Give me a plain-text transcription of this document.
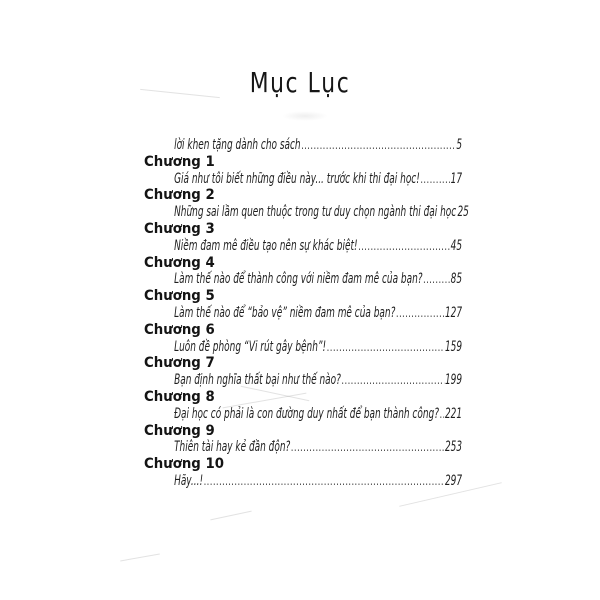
Mục Lục
lời khen tặng dành cho sách .....	5
Chương 1
Giá như tôi biết những điều này... trước khi thi đại học! ..... 17
Chương 2
Những sai lầm quen thuộc trong tư duy chọn ngành thi đại học 25
Chương 3
Niềm đam mê điều tạo nên sự khác biệt! .....	45
Chương 4
Làm thế nào để thành công với niềm đam mê của bạn? ..... 85
Chương 5
Làm thế nào để “bảo vệ” niềm đam mê của bạn? .....	127
Chương 6
Luôn đề phòng “Vi rút gây bệnh”! .....	159
Chương 7
Bạn định nghĩa thất bại như thế nào? .....	199
Chương 8
Đại học có phải là con đường duy nhất để bạn thành công? ..... 221
Chương 9
Thiên tài hay kẻ đần độn? .....	253
Chương 10
Hãy...! .....	297
